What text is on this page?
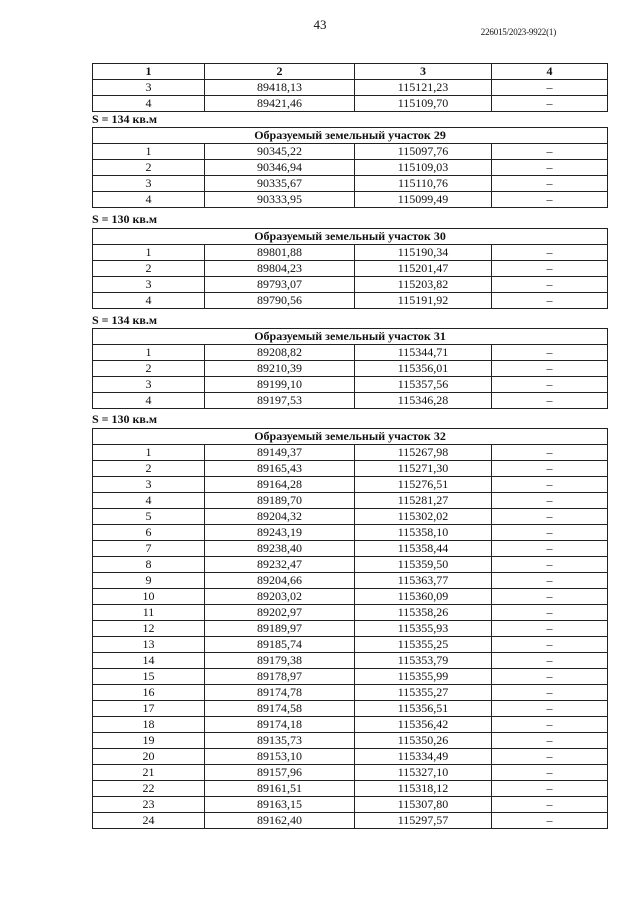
43	226015/2023-9922(1)
1	2	3	4
3	89418,13	115121,23	–
4	89421,46	115109,70	–
S = 134 кв.м
Образуемый земельный участок 29			
1	90345,22	115097,76	–
2	90346,94	115109,03	–
3	90335,67	115110,76	–
4	90333,95	115099,49	–
S = 130 кв.м
Образуемый земельный участок 30			
1	89801,88	115190,34	–
2	89804,23	115201,47	–
3	89793,07	115203,82	–
4	89790,56	115191,92	–
S = 134 кв.м
Образуемый земельный участок 31			
1	89208,82	115344,71	–
2	89210,39	115356,01	–
3	89199,10	115357,56	–
4	89197,53	115346,28	–
S = 130 кв.м
Образуемый земельный участок 32			
1	89149,37	115267,98	–
2	89165,43	115271,30	–
3	89164,28	115276,51	–
4	89189,70	115281,27	–
5	89204,32	115302,02	–
6	89243,19	115358,10	–
7	89238,40	115358,44	–
8	89232,47	115359,50	–
9	89204,66	115363,77	–
10	89203,02	115360,09	–
11	89202,97	115358,26	–
12	89189,97	115355,93	–
13	89185,74	115355,25	–
14	89179,38	115353,79	–
15	89178,97	115355,99	–
16	89174,78	115355,27	–
17	89174,58	115356,51	–
18	89174,18	115356,42	–
19	89135,73	115350,26	–
20	89153,10	115334,49	–
21	89157,96	115327,10	–
22	89161,51	115318,12	–
23	89163,15	115307,80	–
24	89162,40	115297,57	–
